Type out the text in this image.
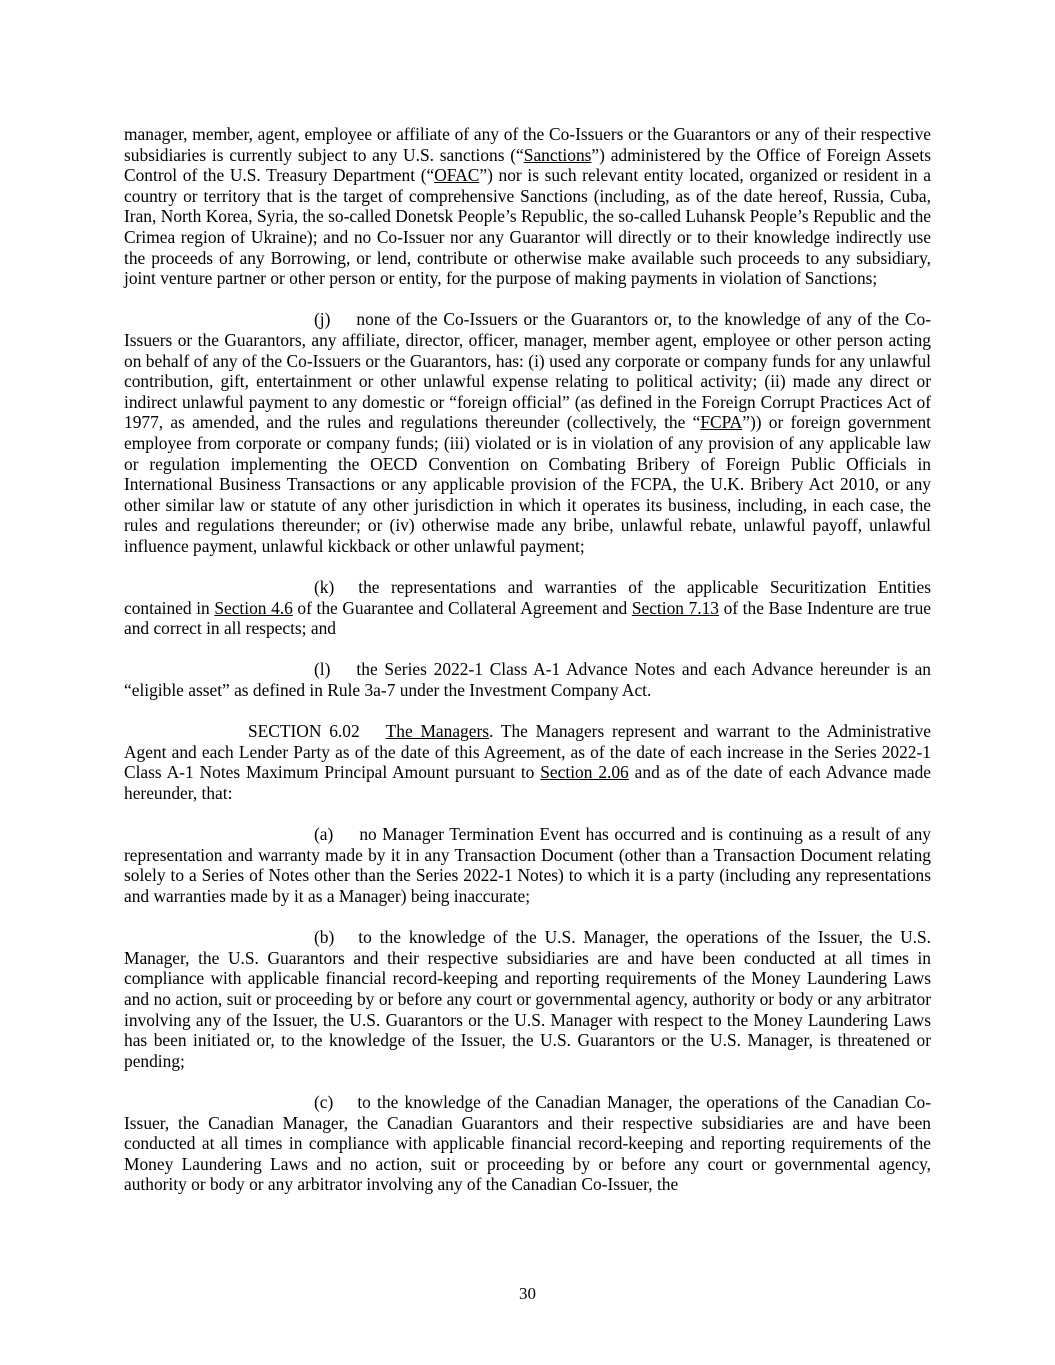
manager, member, agent, employee or affiliate of any of the Co-Issuers or the Guarantors or any of their respective subsidiaries is currently subject to any U.S. sanctions (“Sanctions”) administered by the Office of Foreign Assets Control of the U.S. Treasury Department (“OFAC”) nor is such relevant entity located, organized or resident in a country or territory that is the target of comprehensive Sanctions (including, as of the date hereof, Russia, Cuba, Iran, North Korea, Syria, the so-called Donetsk People’s Republic, the so-called Luhansk People’s Republic and the Crimea region of Ukraine); and no Co-Issuer nor any Guarantor will directly or to their knowledge indirectly use the proceeds of any Borrowing, or lend, contribute or otherwise make available such proceeds to any subsidiary, joint venture partner or other person or entity, for the purpose of making payments in violation of Sanctions;

(j) none of the Co-Issuers or the Guarantors or, to the knowledge of any of the Co-Issuers or the Guarantors, any affiliate, director, officer, manager, member agent, employee or other person acting on behalf of any of the Co-Issuers or the Guarantors, has: (i) used any corporate or company funds for any unlawful contribution, gift, entertainment or other unlawful expense relating to political activity; (ii) made any direct or indirect unlawful payment to any domestic or “foreign official” (as defined in the Foreign Corrupt Practices Act of 1977, as amended, and the rules and regulations thereunder (collectively, the “FCPA”)) or foreign government employee from corporate or company funds; (iii) violated or is in violation of any provision of any applicable law or regulation implementing the OECD Convention on Combating Bribery of Foreign Public Officials in International Business Transactions or any applicable provision of the FCPA, the U.K. Bribery Act 2010, or any other similar law or statute of any other jurisdiction in which it operates its business, including, in each case, the rules and regulations thereunder; or (iv) otherwise made any bribe, unlawful rebate, unlawful payoff, unlawful influence payment, unlawful kickback or other unlawful payment;

(k) the representations and warranties of the applicable Securitization Entities contained in Section 4.6 of the Guarantee and Collateral Agreement and Section 7.13 of the Base Indenture are true and correct in all respects; and

(l) the Series 2022-1 Class A-1 Advance Notes and each Advance hereunder is an “eligible asset” as defined in Rule 3a-7 under the Investment Company Act.

SECTION 6.02 The Managers. The Managers represent and warrant to the Administrative Agent and each Lender Party as of the date of this Agreement, as of the date of each increase in the Series 2022-1 Class A-1 Notes Maximum Principal Amount pursuant to Section 2.06 and as of the date of each Advance made hereunder, that:

(a) no Manager Termination Event has occurred and is continuing as a result of any representation and warranty made by it in any Transaction Document (other than a Transaction Document relating solely to a Series of Notes other than the Series 2022-1 Notes) to which it is a party (including any representations and warranties made by it as a Manager) being inaccurate;

(b) to the knowledge of the U.S. Manager, the operations of the Issuer, the U.S. Manager, the U.S. Guarantors and their respective subsidiaries are and have been conducted at all times in compliance with applicable financial record-keeping and reporting requirements of the Money Laundering Laws and no action, suit or proceeding by or before any court or governmental agency, authority or body or any arbitrator involving any of the Issuer, the U.S. Guarantors or the U.S. Manager with respect to the Money Laundering Laws has been initiated or, to the knowledge of the Issuer, the U.S. Guarantors or the U.S. Manager, is threatened or pending;

(c) to the knowledge of the Canadian Manager, the operations of the Canadian Co-Issuer, the Canadian Manager, the Canadian Guarantors and their respective subsidiaries are and have been conducted at all times in compliance with applicable financial record-keeping and reporting requirements of the Money Laundering Laws and no action, suit or proceeding by or before any court or governmental agency, authority or body or any arbitrator involving any of the Canadian Co-Issuer, the

30
